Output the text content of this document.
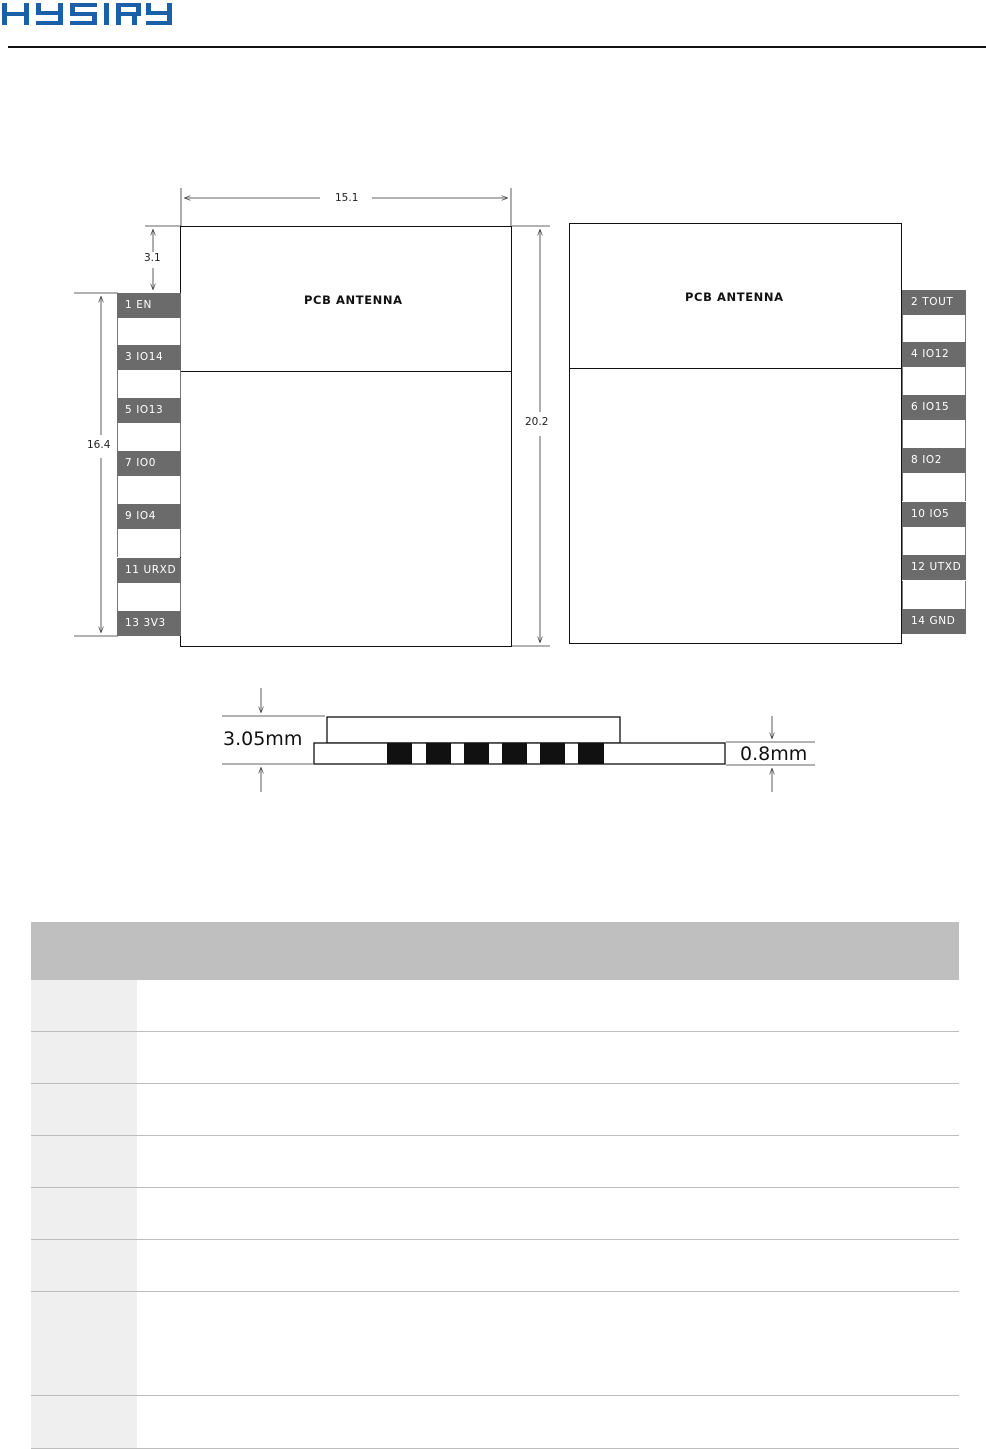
15.1
3.1
16.4
20.2
3.05mm
0.8mm
PCB ANTENNA
1 EN
3 IO14
5 IO13
7 IO0
9 IO4
11 URXD
13 3V3
PCB ANTENNA	2 TOUT
4 IO12
6 IO15
8 IO2
10 IO5
12 UTXD
14 GND
